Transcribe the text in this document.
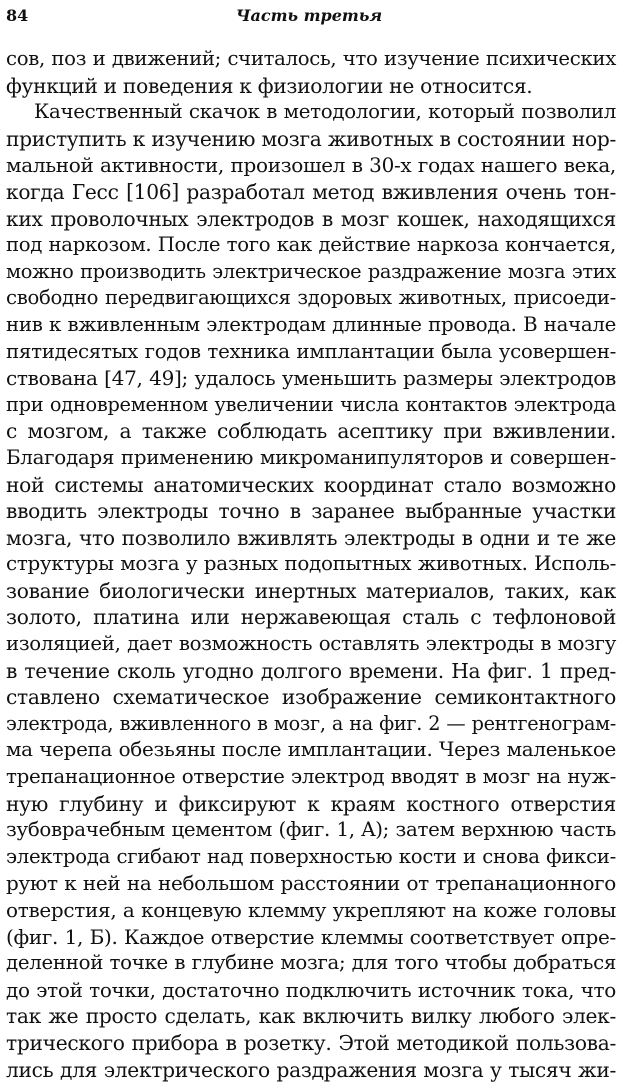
84	Часть третья
сов, поз и движений; считалось, что изучение психических
функций и поведения к физиологии не относится.
Качественный скачок в методологии, который позволил
приступить к изучению мозга животных в состоянии нор-
мальной активности, произошел в 30-х годах нашего века,
когда Гесс [106] разработал метод вживления очень тон-
ких проволочных электродов в мозг кошек, находящихся
под наркозом. После того как действие наркоза кончается,
можно производить электрическое раздражение мозга этих
свободно передвигающихся здоровых животных, присоеди-
нив к вживленным электродам длинные провода. В начале
пятидесятых годов техника имплантации была усовершен-
ствована [47, 49]; удалось уменьшить размеры электродов
при одновременном увеличении числа контактов электрода
с мозгом, а также соблюдать асептику при вживлении.
Благодаря применению микроманипуляторов и совершен-
ной системы анатомических координат стало возможно
вводить электроды точно в заранее выбранные участки
мозга, что позволило вживлять электроды в одни и те же
структуры мозга у разных подопытных животных. Исполь-
зование биологически инертных материалов, таких, как
золото, платина или нержавеющая сталь с тефлоновой
изоляцией, дает возможность оставлять электроды в мозгу
в течение сколь угодно долгого времени. На фиг. 1 пред-
ставлено схематическое изображение семиконтактного
электрода, вживленного в мозг, а на фиг. 2 — рентгенограм-
ма черепа обезьяны после имплантации. Через маленькое
трепанационное отверстие электрод вводят в мозг на нуж-
ную глубину и фиксируют к краям костного отверстия
зубоврачебным цементом (фиг. 1, A); затем верхнюю часть
электрода сгибают над поверхностью кости и снова фикси-
руют к ней на небольшом расстоянии от трепанационного
отверстия, а концевую клемму укрепляют на коже головы
(фиг. 1, Б). Каждое отверстие клеммы соответствует опре-
деленной точке в глубине мозга; для того чтобы добраться
до этой точки, достаточно подключить источник тока, что
так же просто сделать, как включить вилку любого элек-
трического прибора в розетку. Этой методикой пользова-
лись для электрического раздражения мозга у тысяч жи-
